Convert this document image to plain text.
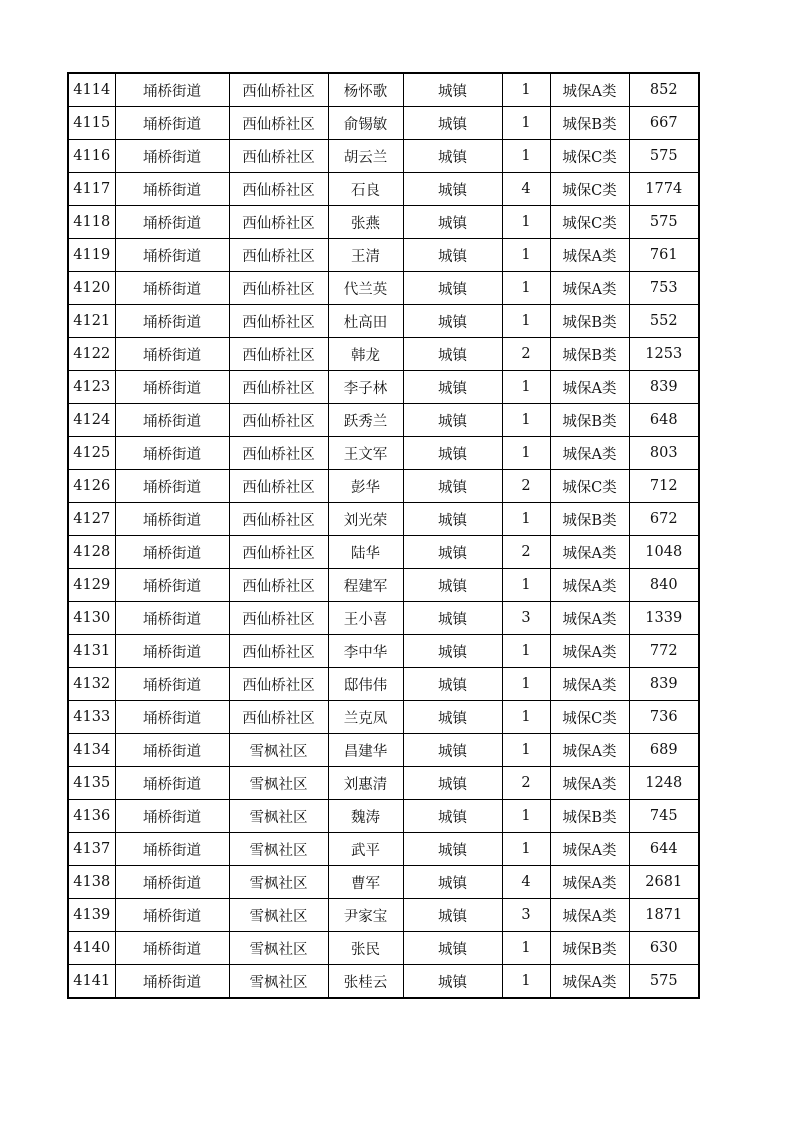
4114	埇桥街道	西仙桥社区	杨怀歌	城镇	1	城保A类	852
4115	埇桥街道	西仙桥社区	俞锡敏	城镇	1	城保B类	667
4116	埇桥街道	西仙桥社区	胡云兰	城镇	1	城保C类	575
4117	埇桥街道	西仙桥社区	石良	城镇	4	城保C类	1774
4118	埇桥街道	西仙桥社区	张燕	城镇	1	城保C类	575
4119	埇桥街道	西仙桥社区	王清	城镇	1	城保A类	761
4120	埇桥街道	西仙桥社区	代兰英	城镇	1	城保A类	753
4121	埇桥街道	西仙桥社区	杜高田	城镇	1	城保B类	552
4122	埇桥街道	西仙桥社区	韩龙	城镇	2	城保B类	1253
4123	埇桥街道	西仙桥社区	李子林	城镇	1	城保A类	839
4124	埇桥街道	西仙桥社区	跃秀兰	城镇	1	城保B类	648
4125	埇桥街道	西仙桥社区	王文军	城镇	1	城保A类	803
4126	埇桥街道	西仙桥社区	彭华	城镇	2	城保C类	712
4127	埇桥街道	西仙桥社区	刘光荣	城镇	1	城保B类	672
4128	埇桥街道	西仙桥社区	陆华	城镇	2	城保A类	1048
4129	埇桥街道	西仙桥社区	程建军	城镇	1	城保A类	840
4130	埇桥街道	西仙桥社区	王小喜	城镇	3	城保A类	1339
4131	埇桥街道	西仙桥社区	李中华	城镇	1	城保A类	772
4132	埇桥街道	西仙桥社区	邸伟伟	城镇	1	城保A类	839
4133	埇桥街道	西仙桥社区	兰克凤	城镇	1	城保C类	736
4134	埇桥街道	雪枫社区	昌建华	城镇	1	城保A类	689
4135	埇桥街道	雪枫社区	刘惠清	城镇	2	城保A类	1248
4136	埇桥街道	雪枫社区	魏涛	城镇	1	城保B类	745
4137	埇桥街道	雪枫社区	武平	城镇	1	城保A类	644
4138	埇桥街道	雪枫社区	曹军	城镇	4	城保A类	2681
4139	埇桥街道	雪枫社区	尹家宝	城镇	3	城保A类	1871
4140	埇桥街道	雪枫社区	张民	城镇	1	城保B类	630
4141	埇桥街道	雪枫社区	张桂云	城镇	1	城保A类	575
